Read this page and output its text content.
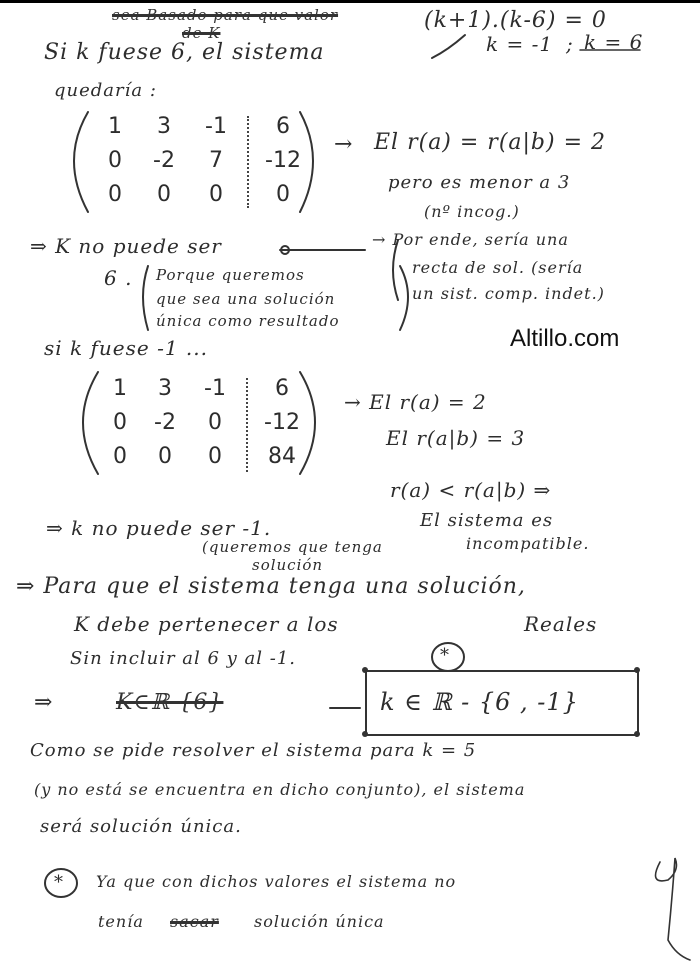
sea Basado para que valor
de K	(k+1).(k-6) = 0
k = -1 ; k = 6
Si k fuese 6, el sistema
quedaría :
1	3	-1	6
0	-2	7	-12
0	0	0	0
→ El r(a) = r(a|b) = 2
pero es menor a 3
(nº incog.)
⇒ K no puede ser
6 . Porque queremos
que sea una solución
única como resultado
→ Por ende, sería una
recta de sol. (sería
un sist. comp. indet.)
Altillo.com
si k fuese -1 ...
1	3	-1	6
0	-2	0	-12
0	0	0	84
→ El r(a) = 2
El r(a|b) = 3
r(a) < r(a|b) ⇒
El sistema es
incompatible.
⇒ k no puede ser -1.
(queremos que tenga
solución
⇒ Para que el sistema tenga una solución,
K debe pertenecer a los	Reales
Sin incluir al 6 y al -1.	*
⇒	K∈ℝ-{6}	k ∈ ℝ - {6 , -1}
Como se pide resolver el sistema para k = 5
(y no está se encuentra en dicho conjunto), el sistema
será solución única.
* Ya que con dichos valores el sistema no
tenía sacar solución única
